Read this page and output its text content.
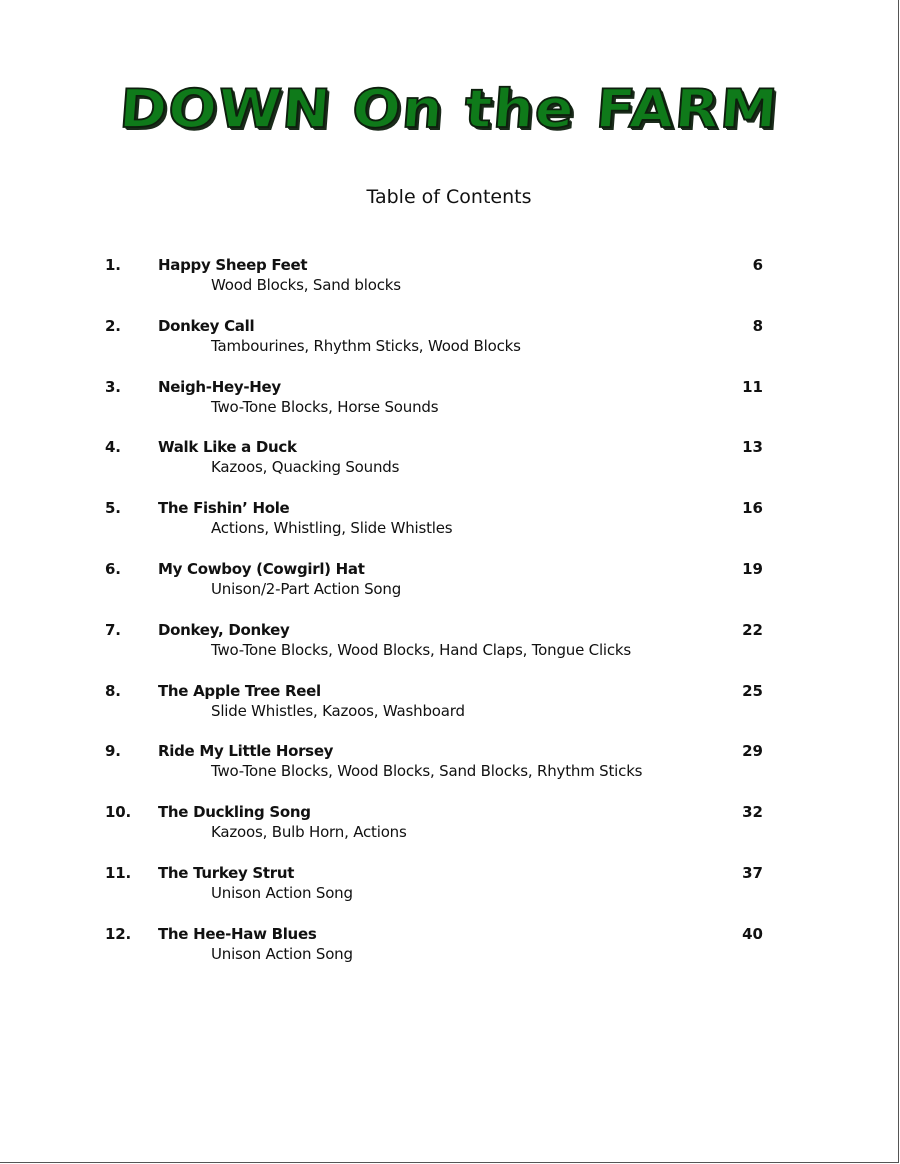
DOWN On the FARM
Table of Contents
1. Happy Sheep Feet	6
Wood Blocks, Sand blocks
2. Donkey Call	8
Tambourines, Rhythm Sticks, Wood Blocks
3. Neigh-Hey-Hey	11
Two-Tone Blocks, Horse Sounds
4. Walk Like a Duck	13
Kazoos, Quacking Sounds
5. The Fishin’ Hole	16
Actions, Whistling, Slide Whistles
6. My Cowboy (Cowgirl) Hat	19
Unison/2-Part Action Song
7. Donkey, Donkey	22
Two-Tone Blocks, Wood Blocks, Hand Claps, Tongue Clicks
8. The Apple Tree Reel	25
Slide Whistles, Kazoos, Washboard
9. Ride My Little Horsey	29
Two-Tone Blocks, Wood Blocks, Sand Blocks, Rhythm Sticks
10. The Duckling Song	32
Kazoos, Bulb Horn, Actions
11. The Turkey Strut	37
Unison Action Song
12. The Hee-Haw Blues	40
Unison Action Song
